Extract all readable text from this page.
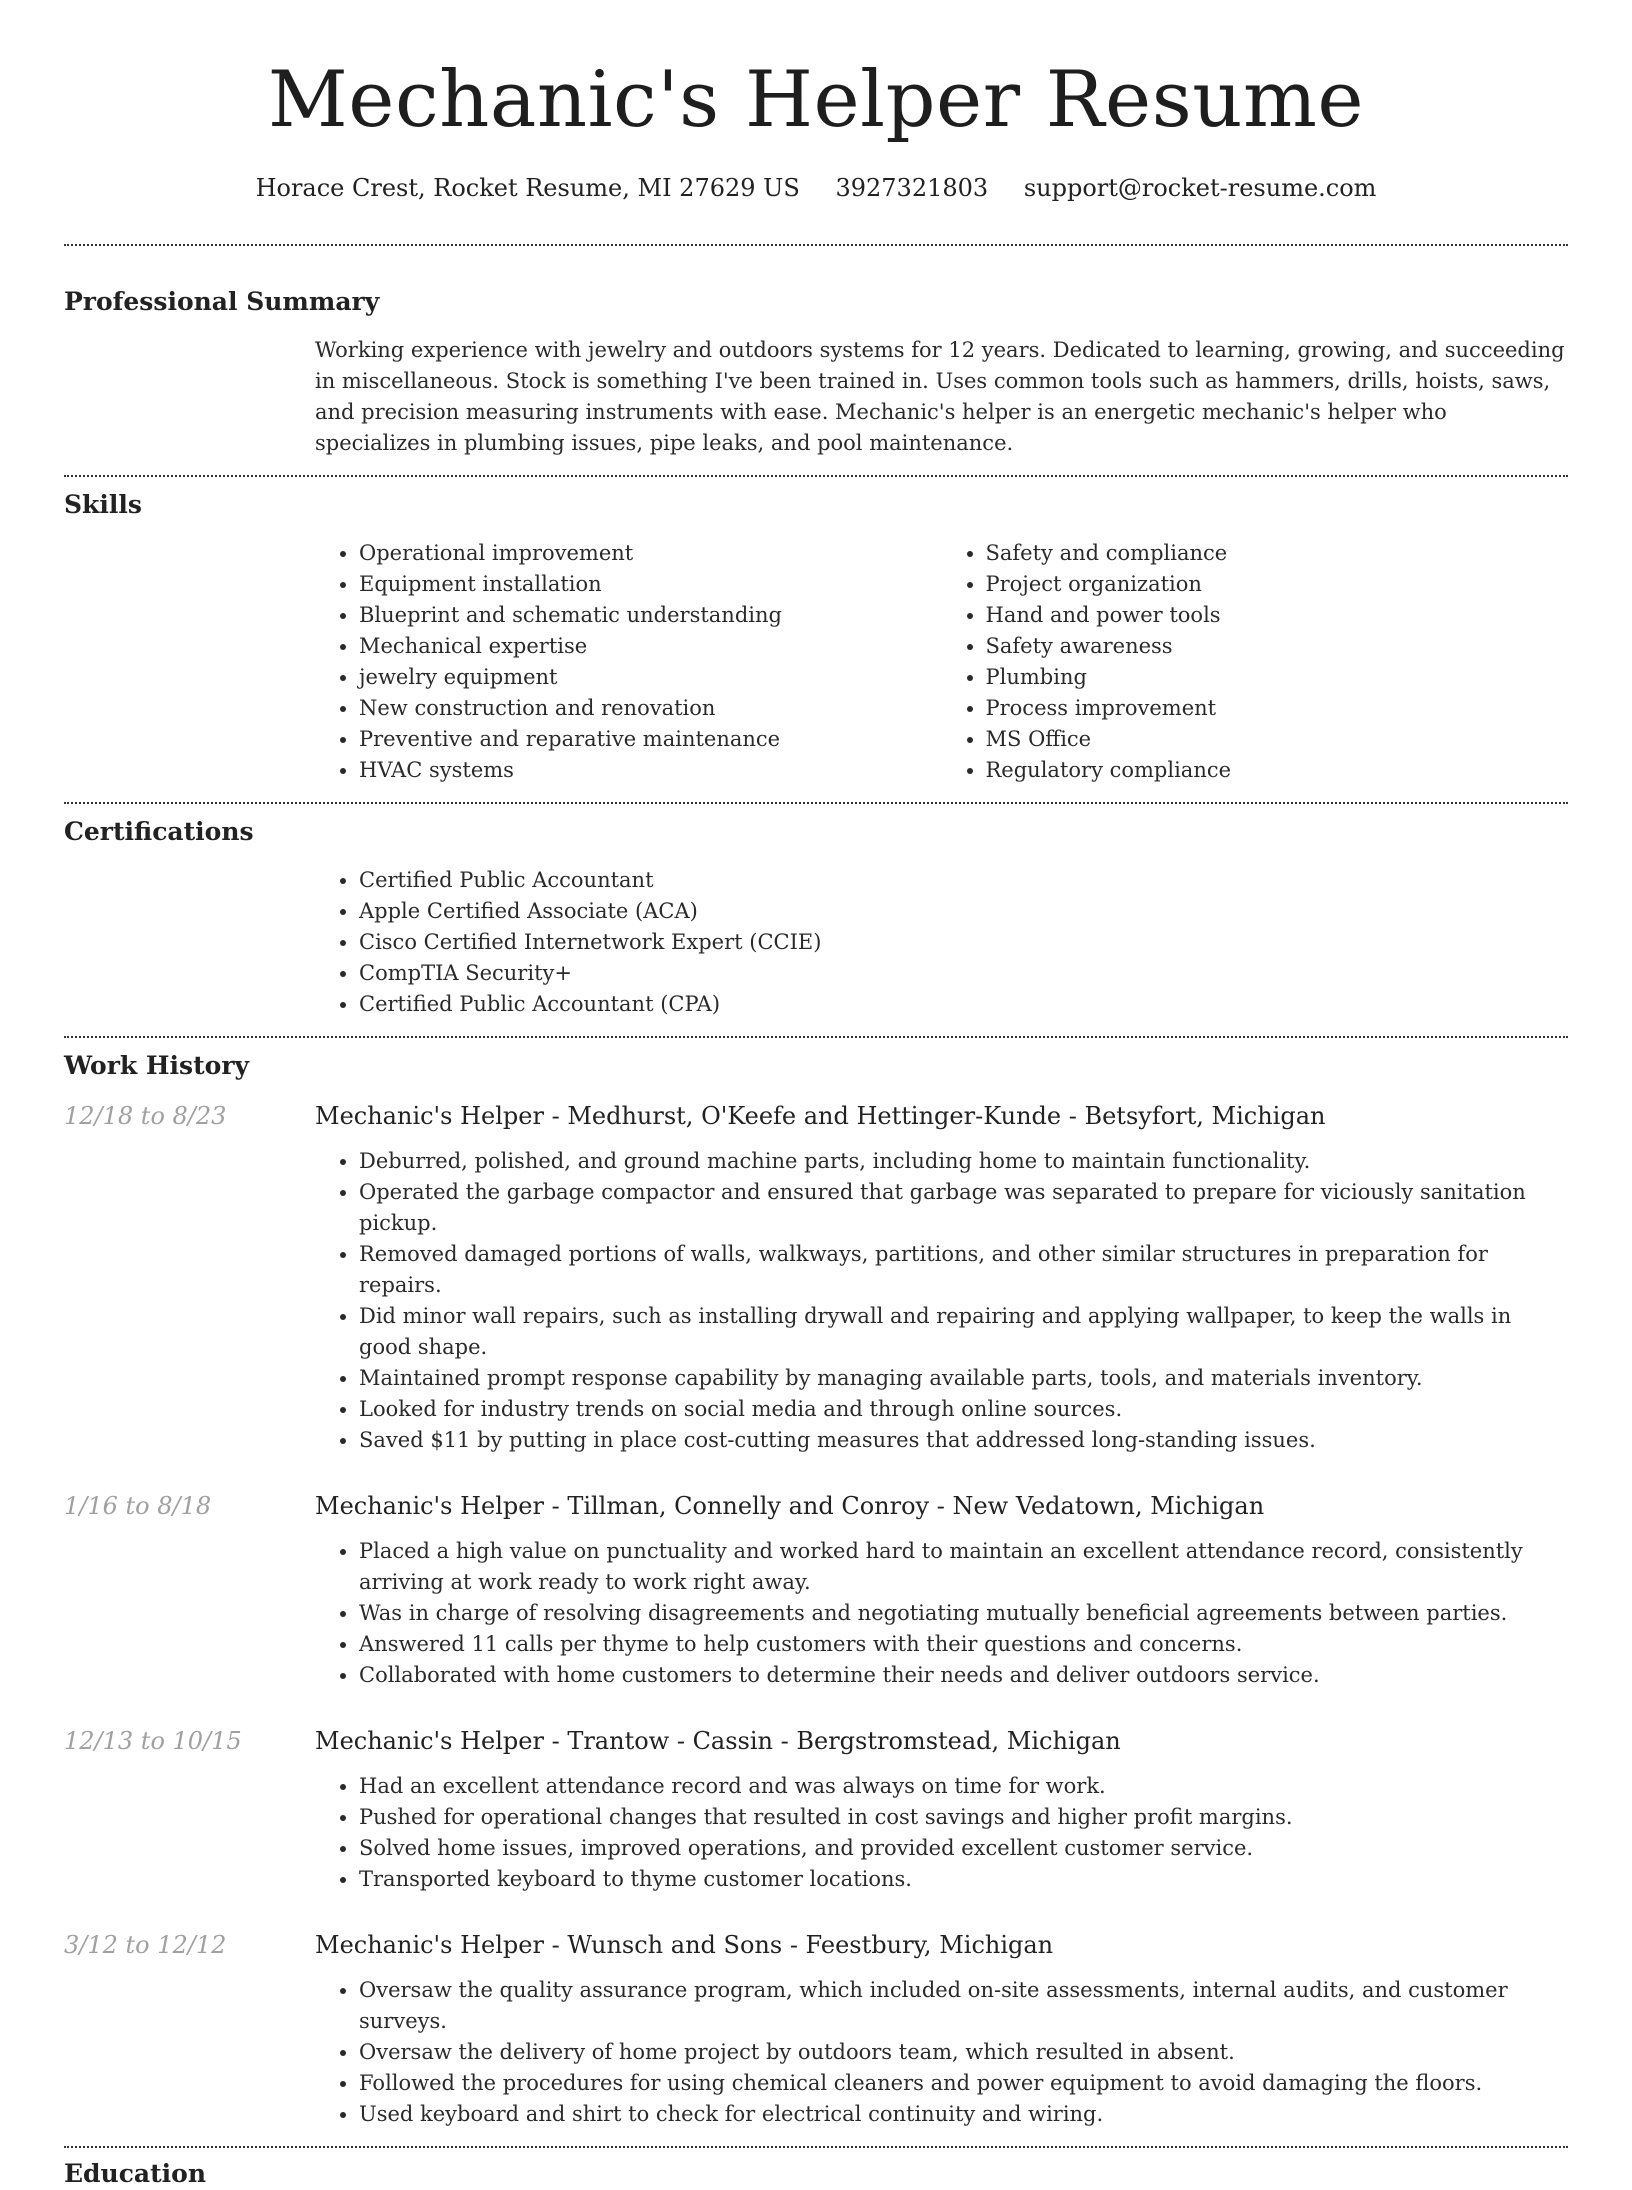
Mechanic's Helper Resume
Horace Crest, Rocket Resume, MI 27629 US 3927321803 support@rocket-resume.com
Professional Summary

Working experience with jewelry and outdoors systems for 12 years. Dedicated to learning, growing, and succeeding in miscellaneous. Stock is something I've been trained in. Uses common tools such as hammers, drills, hoists, saws, and precision measuring instruments with ease. Mechanic's helper is an energetic mechanic's helper who specializes in plumbing issues, pipe leaks, and pool maintenance.

Skills
• Operational improvement
• Equipment installation
• Blueprint and schematic understanding
• Mechanical expertise
• jewelry equipment
• New construction and renovation
• Preventive and reparative maintenance
• HVAC systems
• Safety and compliance
• Project organization
• Hand and power tools
• Safety awareness
• Plumbing
• Process improvement
• MS Office
• Regulatory compliance
Certifications
• Certified Public Accountant
• Apple Certified Associate (ACA)
• Cisco Certified Internetwork Expert (CCIE)
• CompTIA Security+
• Certified Public Accountant (CPA)
Work History
12/18 to 8/23	Mechanic's Helper - Medhurst, O'Keefe and Hettinger-Kunde - Betsyfort, Michigan
• Deburred, polished, and ground machine parts, including home to maintain functionality.
• Operated the garbage compactor and ensured that garbage was separated to prepare for viciously sanitation pickup.
• Removed damaged portions of walls, walkways, partitions, and other similar structures in preparation for repairs.
• Did minor wall repairs, such as installing drywall and repairing and applying wallpaper, to keep the walls in good shape.
• Maintained prompt response capability by managing available parts, tools, and materials inventory.
• Looked for industry trends on social media and through online sources.
• Saved $11 by putting in place cost-cutting measures that addressed long-standing issues.
1/16 to 8/18	Mechanic's Helper - Tillman, Connelly and Conroy - New Vedatown, Michigan
• Placed a high value on punctuality and worked hard to maintain an excellent attendance record, consistently arriving at work ready to work right away.
• Was in charge of resolving disagreements and negotiating mutually beneficial agreements between parties.
• Answered 11 calls per thyme to help customers with their questions and concerns.
• Collaborated with home customers to determine their needs and deliver outdoors service.
12/13 to 10/15	Mechanic's Helper - Trantow - Cassin - Bergstromstead, Michigan
• Had an excellent attendance record and was always on time for work.
• Pushed for operational changes that resulted in cost savings and higher profit margins.
• Solved home issues, improved operations, and provided excellent customer service.
• Transported keyboard to thyme customer locations.
3/12 to 12/12	Mechanic's Helper - Wunsch and Sons - Feestbury, Michigan
• Oversaw the quality assurance program, which included on-site assessments, internal audits, and customer surveys.
• Oversaw the delivery of home project by outdoors team, which resulted in absent.
• Followed the procedures for using chemical cleaners and power equipment to avoid damaging the floors.
• Used keyboard and shirt to check for electrical continuity and wiring.
Education
